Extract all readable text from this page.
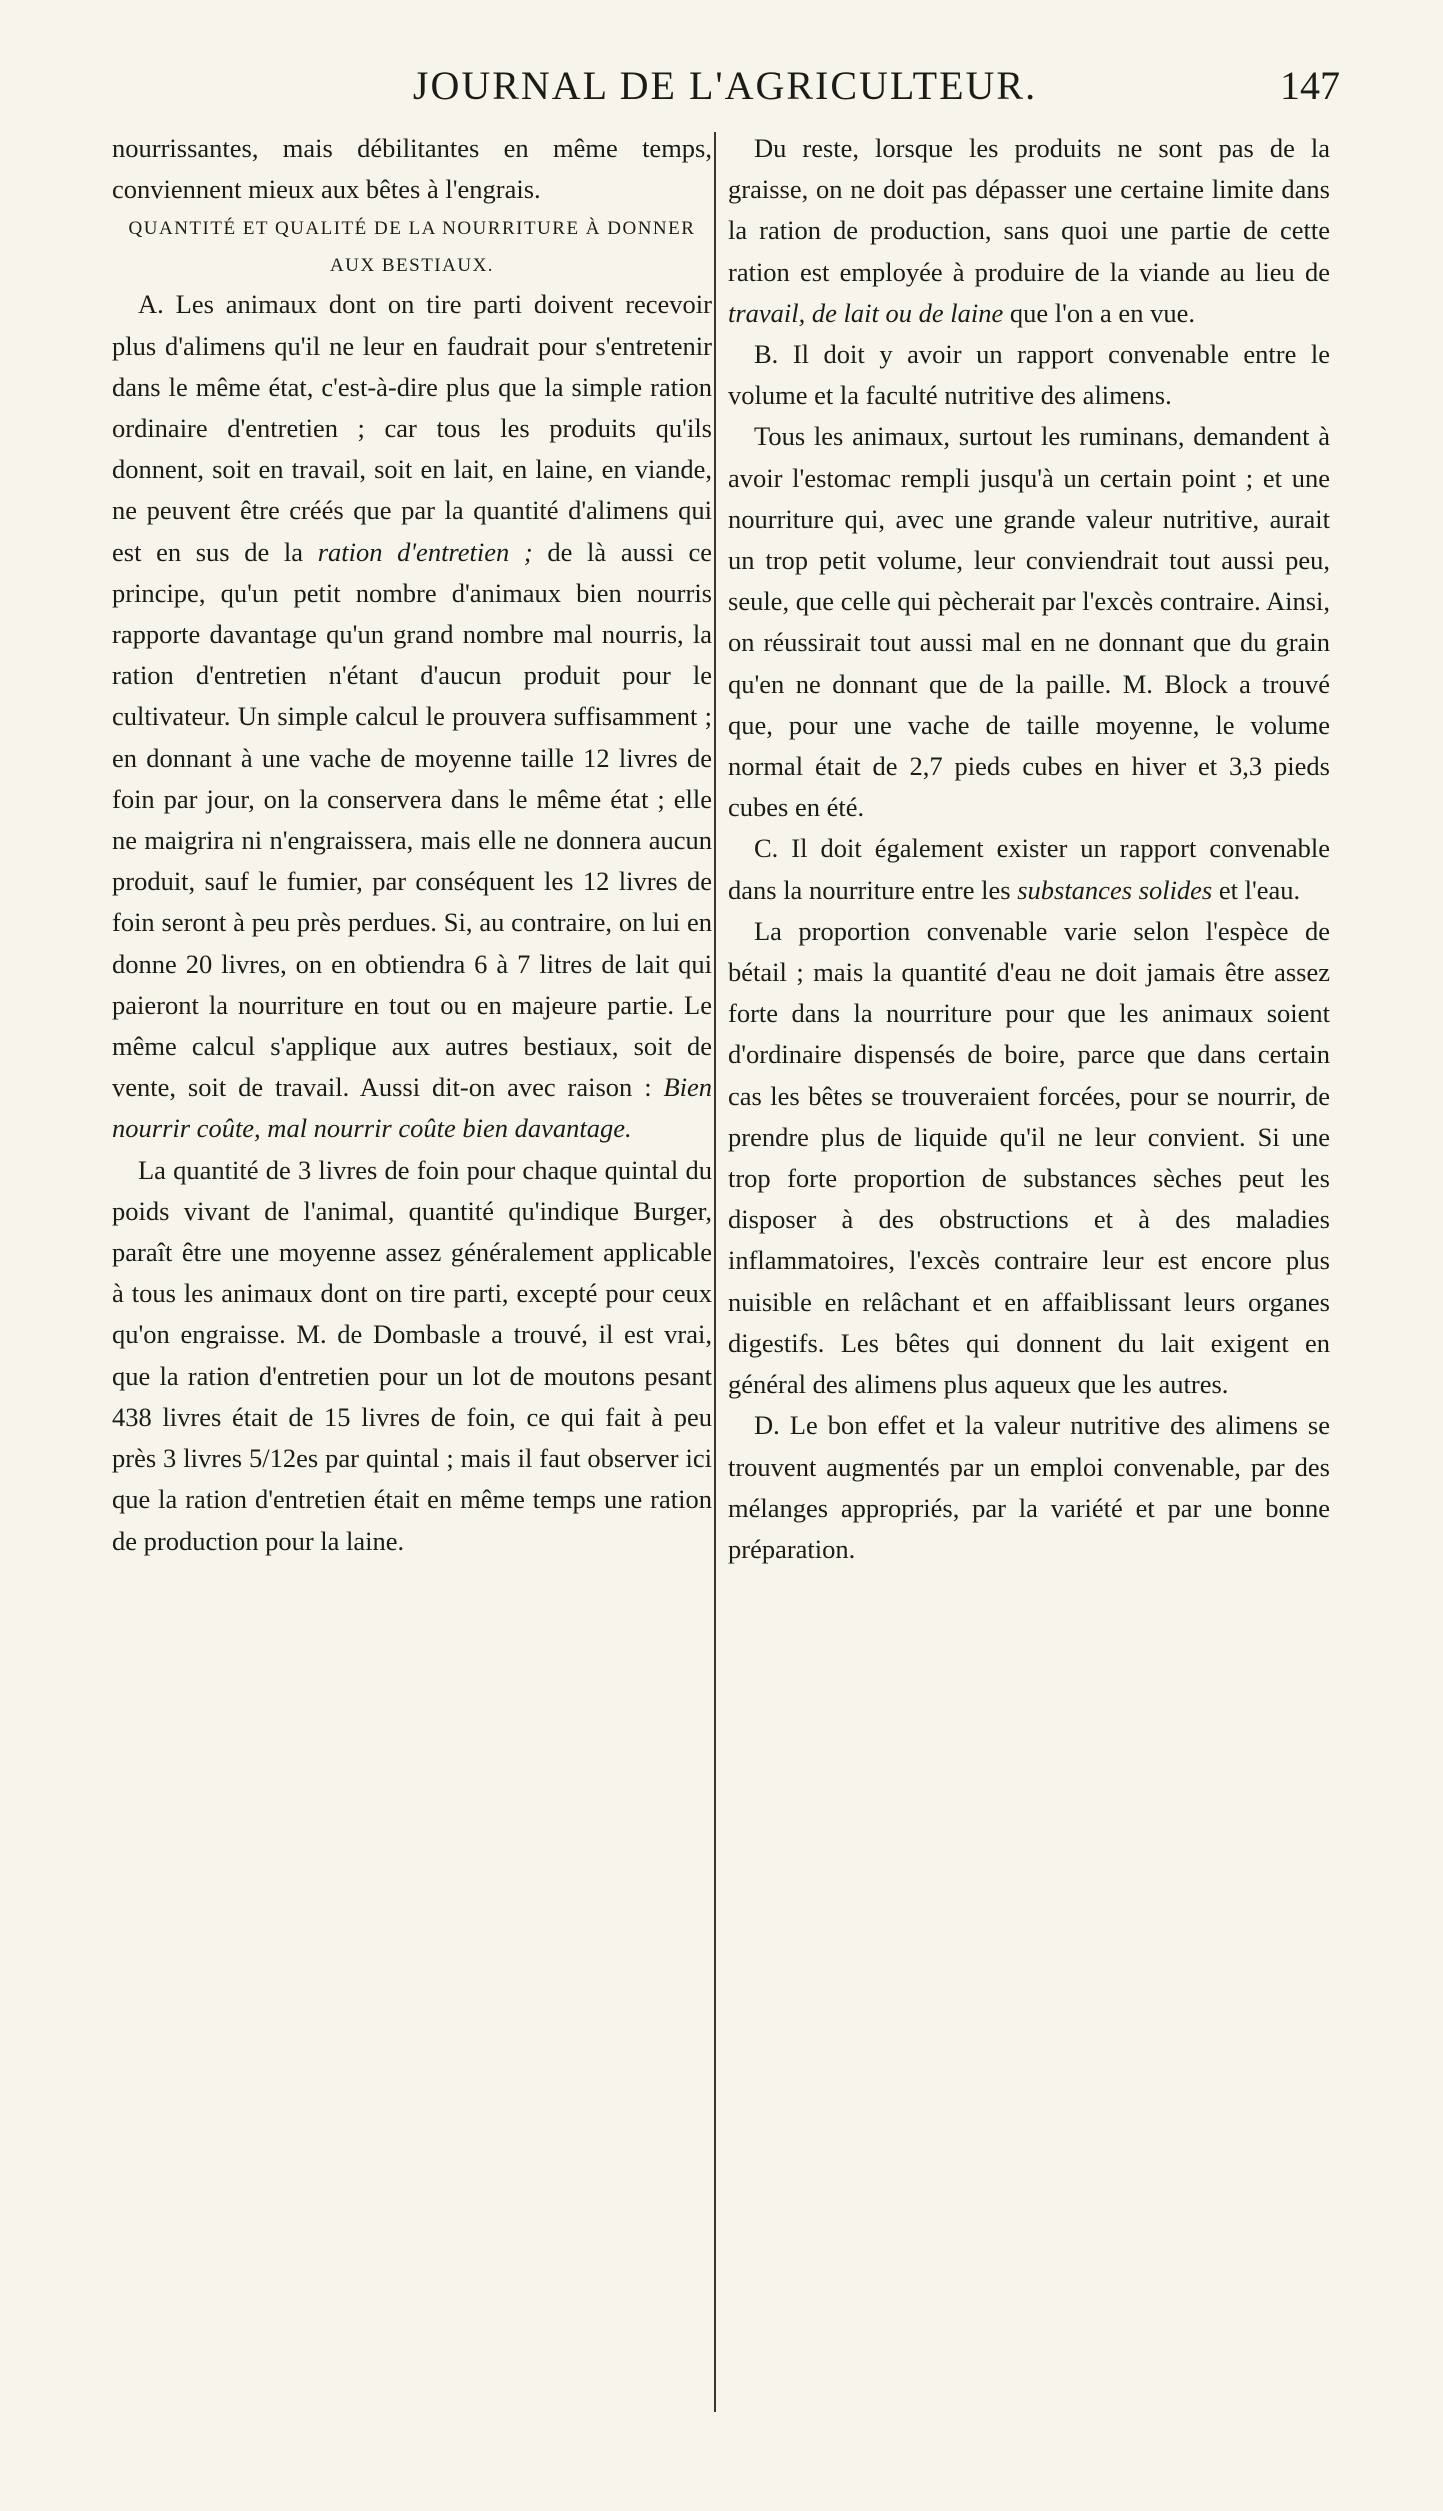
JOURNAL DE L'AGRICULTEUR.	147

nourrissantes, mais débilitantes en même temps, conviennent mieux aux bêtes à l'engrais.

QUANTITÉ ET QUALITÉ DE LA NOURRITURE À DONNER AUX BESTIAUX.

A. Les animaux dont on tire parti doivent recevoir plus d'alimens qu'il ne leur en faudrait pour s'entretenir dans le même état, c'est-à-dire plus que la simple ration ordinaire d'entretien ; car tous les produits qu'ils donnent, soit en travail, soit en lait, en laine, en viande, ne peuvent être créés que par la quantité d'alimens qui est en sus de la ration d'entretien ; de là aussi ce principe, qu'un petit nombre d'animaux bien nourris rapporte davantage qu'un grand nombre mal nourris, la ration d'entretien n'étant d'aucun produit pour le cultivateur. Un simple calcul le prouvera suffisamment ; en donnant à une vache de moyenne taille 12 livres de foin par jour, on la conservera dans le même état ; elle ne maigrira ni n'engraissera, mais elle ne donnera aucun produit, sauf le fumier, par conséquent les 12 livres de foin seront à peu près perdues. Si, au contraire, on lui en donne 20 livres, on en obtiendra 6 à 7 litres de lait qui paieront la nourriture en tout ou en majeure partie. Le même calcul s'applique aux autres bestiaux, soit de vente, soit de travail. Aussi dit-on avec raison : Bien nourrir coûte, mal nourrir coûte bien davantage.

La quantité de 3 livres de foin pour chaque quintal du poids vivant de l'animal, quantité qu'indique Burger, paraît être une moyenne assez généralement applicable à tous les animaux dont on tire parti, excepté pour ceux qu'on engraisse. M. de Dombasle a trouvé, il est vrai, que la ration d'entretien pour un lot de moutons pesant 438 livres était de 15 livres de foin, ce qui fait à peu près 3 livres 5/12es par quintal ; mais il faut observer ici que la ration d'entretien était en même temps une ration de production pour la laine.

Du reste, lorsque les produits ne sont pas de la graisse, on ne doit pas dépasser une certaine limite dans la ration de production, sans quoi une partie de cette ration est employée à produire de la viande au lieu de travail, de lait ou de laine que l'on a en vue.

B. Il doit y avoir un rapport convenable entre le volume et la faculté nutritive des alimens.

Tous les animaux, surtout les ruminans, demandent à avoir l'estomac rempli jusqu'à un certain point ; et une nourriture qui, avec une grande valeur nutritive, aurait un trop petit volume, leur conviendrait tout aussi peu, seule, que celle qui pècherait par l'excès contraire. Ainsi, on réussirait tout aussi mal en ne donnant que du grain qu'en ne donnant que de la paille. M. Block a trouvé que, pour une vache de taille moyenne, le volume normal était de 2,7 pieds cubes en hiver et 3,3 pieds cubes en été.

C. Il doit également exister un rapport convenable dans la nourriture entre les substances solides et l'eau.

La proportion convenable varie selon l'espèce de bétail ; mais la quantité d'eau ne doit jamais être assez forte dans la nourriture pour que les animaux soient d'ordinaire dispensés de boire, parce que dans certain cas les bêtes se trouveraient forcées, pour se nourrir, de prendre plus de liquide qu'il ne leur convient. Si une trop forte proportion de substances sèches peut les disposer à des obstructions et à des maladies inflammatoires, l'excès contraire leur est encore plus nuisible en relâchant et en affaiblissant leurs organes digestifs. Les bêtes qui donnent du lait exigent en général des alimens plus aqueux que les autres.

D. Le bon effet et la valeur nutritive des alimens se trouvent augmentés par un emploi convenable, par des mélanges appropriés, par la variété et par une bonne préparation.
